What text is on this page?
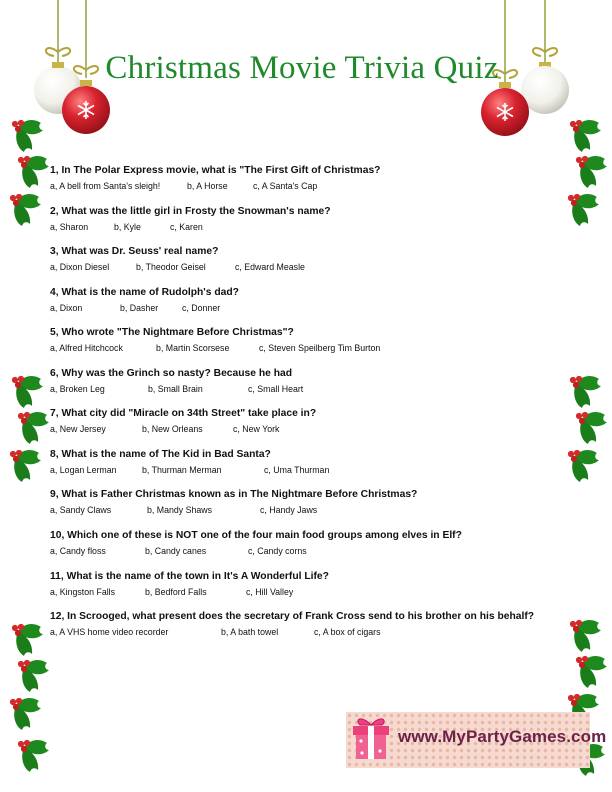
Christmas Movie Trivia Quiz
1, In The Polar Express movie, what is "The First Gift of Christmas?
a, A bell from Santa's sleigh!	b, A Horse	c, A Santa's Cap
2, What was the little girl in Frosty the Snowman's name?
a, Sharon	b, Kyle	c, Karen
3, What was Dr. Seuss' real name?
a, Dixon Diesel	b, Theodor Geisel	c, Edward Measle
4, What is the name of Rudolph's dad?
a, Dixon	b, Dasher	c, Donner
5, Who wrote "The Nightmare Before Christmas"?
a, Alfred Hitchcock	b, Martin Scorsese	c, Steven Speilberg Tim Burton
6, Why was the Grinch so nasty? Because he had
a, Broken Leg	b, Small Brain	c, Small Heart
7, What city did "Miracle on 34th Street" take place in?
a, New Jersey	b, New Orleans	c, New York
8, What is the name of The Kid in Bad Santa?
a, Logan Lerman	b, Thurman Merman	c, Uma Thurman
9, What is Father Christmas known as in The Nightmare Before Christmas?
a, Sandy Claws	b, Mandy Shaws	c, Handy Jaws
10, Which one of these is NOT one of the four main food groups among elves in Elf?
a, Candy floss	b, Candy canes	c, Candy corns
11, What is the name of the town in It's A Wonderful Life?
a, Kingston Falls	b, Bedford Falls	c, Hill Valley
12, In Scrooged, what present does the secretary of Frank Cross send to his brother on his behalf?
a, A VHS home video recorder	b, A bath towel	c, A box of cigars
www.MyPartyGames.com
